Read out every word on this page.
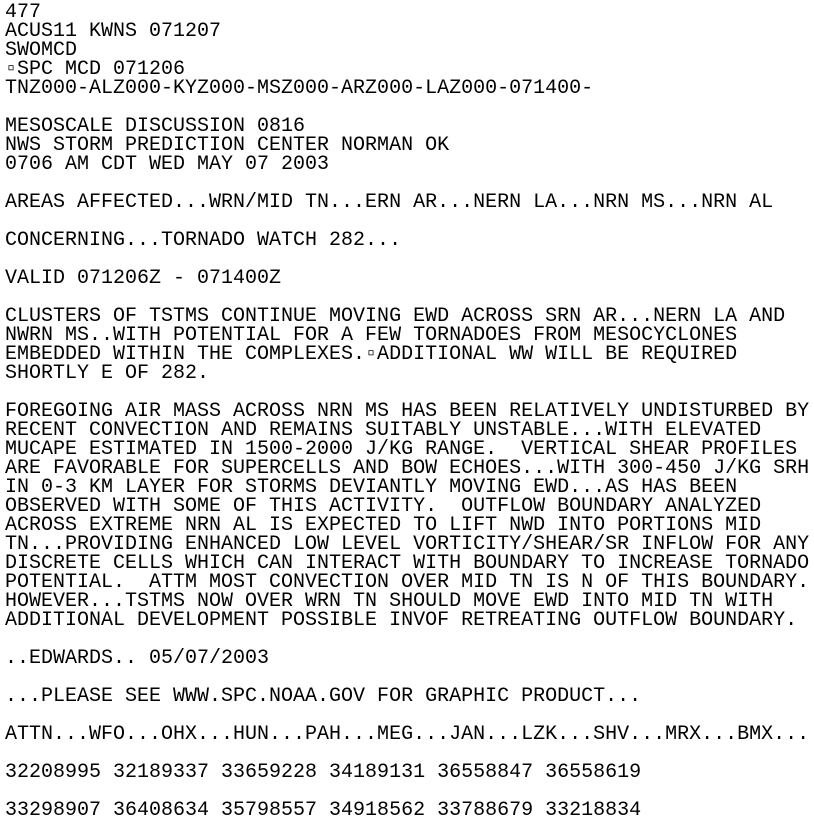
477
ACUS11 KWNS 071207
SWOMCD
▫SPC MCD 071206
TNZ000-ALZ000-KYZ000-MSZ000-ARZ000-LAZ000-071400-
MESOSCALE DISCUSSION 0816
NWS STORM PREDICTION CENTER NORMAN OK
0706 AM CDT WED MAY 07 2003
AREAS AFFECTED...WRN/MID TN...ERN AR...NERN LA...NRN MS...NRN AL
CONCERNING...TORNADO WATCH 282...
VALID 071206Z - 071400Z
CLUSTERS OF TSTMS CONTINUE MOVING EWD ACROSS SRN AR...NERN LA AND
NWRN MS..WITH POTENTIAL FOR A FEW TORNADOES FROM MESOCYCLONES
EMBEDDED WITHIN THE COMPLEXES.▫ADDITIONAL WW WILL BE REQUIRED
SHORTLY E OF 282.
FOREGOING AIR MASS ACROSS NRN MS HAS BEEN RELATIVELY UNDISTURBED BY
RECENT CONVECTION AND REMAINS SUITABLY UNSTABLE...WITH ELEVATED
MUCAPE ESTIMATED IN 1500-2000 J/KG RANGE.  VERTICAL SHEAR PROFILES
ARE FAVORABLE FOR SUPERCELLS AND BOW ECHOES...WITH 300-450 J/KG SRH
IN 0-3 KM LAYER FOR STORMS DEVIANTLY MOVING EWD...AS HAS BEEN
OBSERVED WITH SOME OF THIS ACTIVITY.  OUTFLOW BOUNDARY ANALYZED
ACROSS EXTREME NRN AL IS EXPECTED TO LIFT NWD INTO PORTIONS MID
TN...PROVIDING ENHANCED LOW LEVEL VORTICITY/SHEAR/SR INFLOW FOR ANY
DISCRETE CELLS WHICH CAN INTERACT WITH BOUNDARY TO INCREASE TORNADO
POTENTIAL.  ATTM MOST CONVECTION OVER MID TN IS N OF THIS BOUNDARY.
HOWEVER...TSTMS NOW OVER WRN TN SHOULD MOVE EWD INTO MID TN WITH
ADDITIONAL DEVELOPMENT POSSIBLE INVOF RETREATING OUTFLOW BOUNDARY.
..EDWARDS.. 05/07/2003
...PLEASE SEE WWW.SPC.NOAA.GOV FOR GRAPHIC PRODUCT...
ATTN...WFO...OHX...HUN...PAH...MEG...JAN...LZK...SHV...MRX...BMX...
32208995 32189337 33659228 34189131 36558847 36558619
33298907 36408634 35798557 34918562 33788679 33218834
